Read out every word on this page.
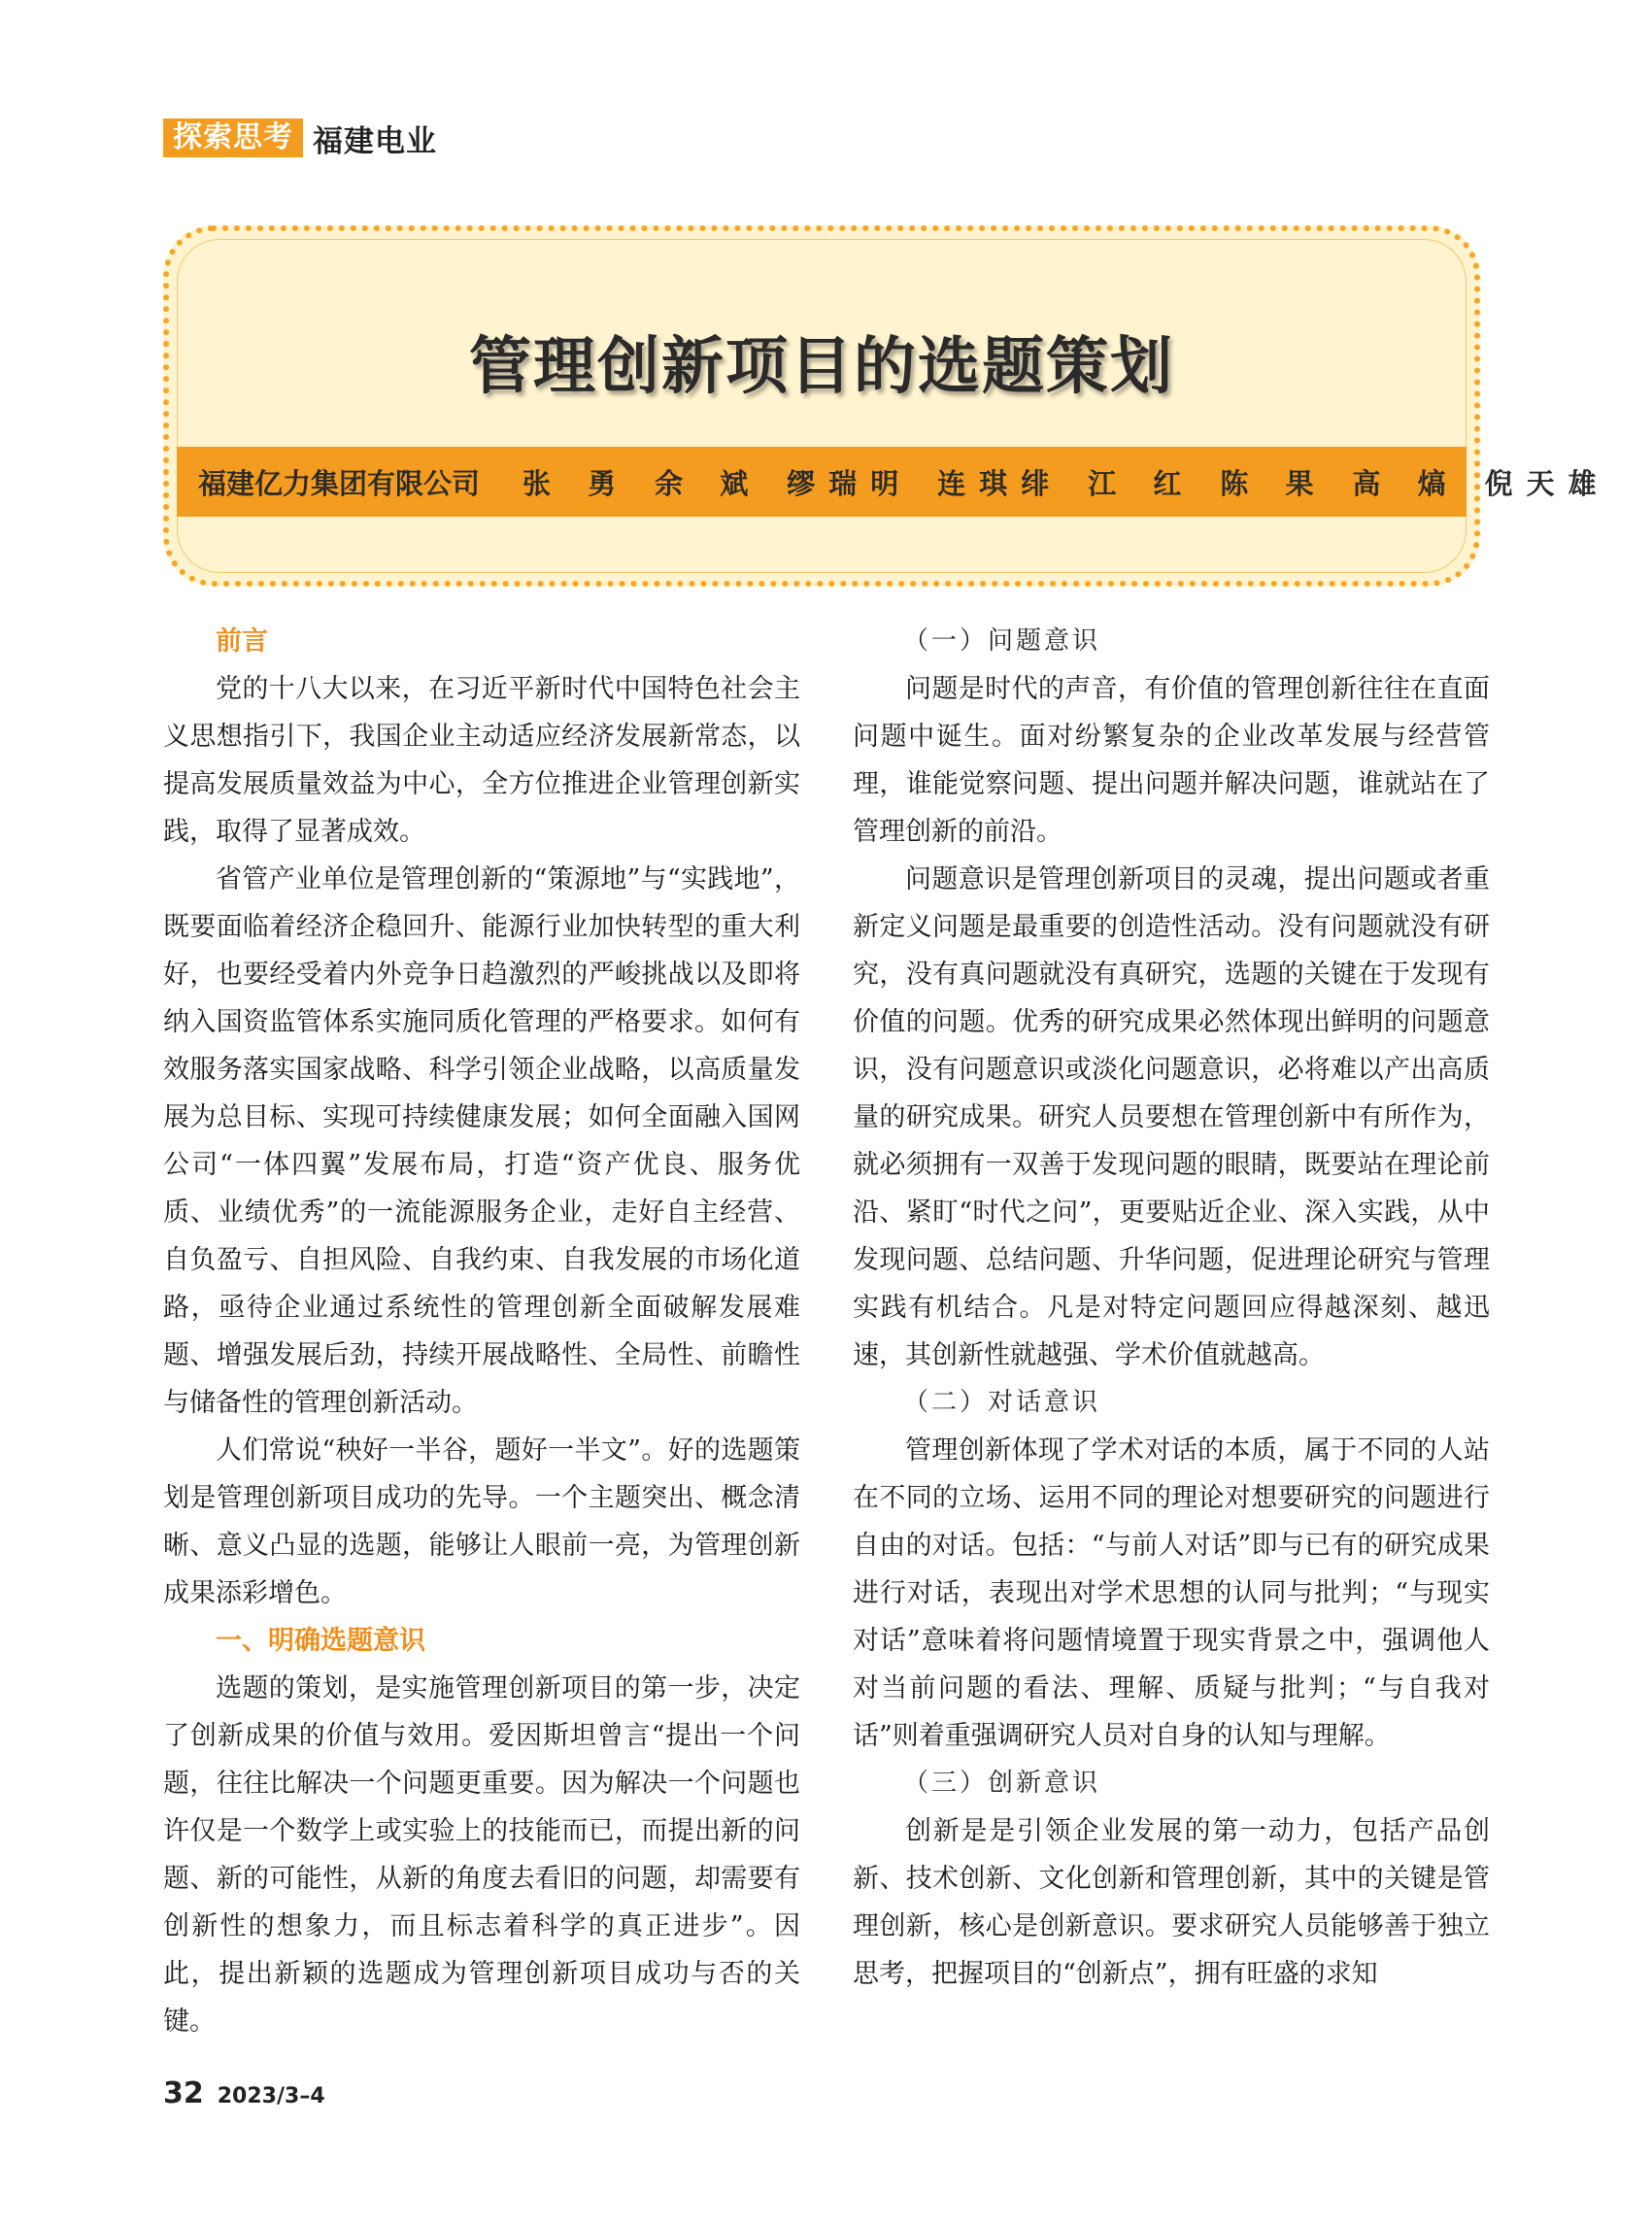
探索思考 福建电业
管理创新项目的选题策划
福建亿力集团有限公司 张 勇 余 斌 缪瑞明 连琪绯 江 红 陈 果 高 熇 倪天雄
前言

党的十八大以来，在习近平新时代中国特色社会主义思想指引下，我国企业主动适应经济发展新常态，以提高发展质量效益为中心，全方位推进企业管理创新实践，取得了显著成效。

省管产业单位是管理创新的“策源地”与“实践地”，既要面临着经济企稳回升、能源行业加快转型的重大利好，也要经受着内外竞争日趋激烈的严峻挑战以及即将纳入国资监管体系实施同质化管理的严格要求。如何有效服务落实国家战略、科学引领企业战略，以高质量发展为总目标、实现可持续健康发展；如何全面融入国网公司“一体四翼”发展布局，打造“资产优良、服务优质、业绩优秀”的一流能源服务企业，走好自主经营、自负盈亏、自担风险、自我约束、自我发展的市场化道路，亟待企业通过系统性的管理创新全面破解发展难题、增强发展后劲，持续开展战略性、全局性、前瞻性与储备性的管理创新活动。

人们常说“秧好一半谷，题好一半文”。好的选题策划是管理创新项目成功的先导。一个主题突出、概念清晰、意义凸显的选题，能够让人眼前一亮，为管理创新成果添彩增色。

一、明确选题意识

选题的策划，是实施管理创新项目的第一步，决定了创新成果的价值与效用。爱因斯坦曾言“提出一个问题，往往比解决一个问题更重要。因为解决一个问题也许仅是一个数学上或实验上的技能而已，而提出新的问题、新的可能性，从新的角度去看旧的问题，却需要有创新性的想象力，而且标志着科学的真正进步”。因此，提出新颖的选题成为管理创新项目成功与否的关键。

（一）问题意识

问题是时代的声音，有价值的管理创新往往在直面问题中诞生。面对纷繁复杂的企业改革发展与经营管理，谁能觉察问题、提出问题并解决问题，谁就站在了管理创新的前沿。

问题意识是管理创新项目的灵魂，提出问题或者重新定义问题是最重要的创造性活动。没有问题就没有研究，没有真问题就没有真研究，选题的关键在于发现有价值的问题。优秀的研究成果必然体现出鲜明的问题意识，没有问题意识或淡化问题意识，必将难以产出高质量的研究成果。研究人员要想在管理创新中有所作为，就必须拥有一双善于发现问题的眼睛，既要站在理论前沿、紧盯“时代之问”，更要贴近企业、深入实践，从中发现问题、总结问题、升华问题，促进理论研究与管理实践有机结合。凡是对特定问题回应得越深刻、越迅速，其创新性就越强、学术价值就越高。

（二）对话意识

管理创新体现了学术对话的本质，属于不同的人站在不同的立场、运用不同的理论对想要研究的问题进行自由的对话。包括：“与前人对话”即与已有的研究成果进行对话，表现出对学术思想的认同与批判；“与现实对话”意味着将问题情境置于现实背景之中，强调他人对当前问题的看法、理解、质疑与批判；“与自我对话”则着重强调研究人员对自身的认知与理解。

（三）创新意识

创新是是引领企业发展的第一动力，包括产品创新、技术创新、文化创新和管理创新，其中的关键是管理创新，核心是创新意识。要求研究人员能够善于独立思考，把握项目的“创新点”，拥有旺盛的求知

32 2023/3–4
